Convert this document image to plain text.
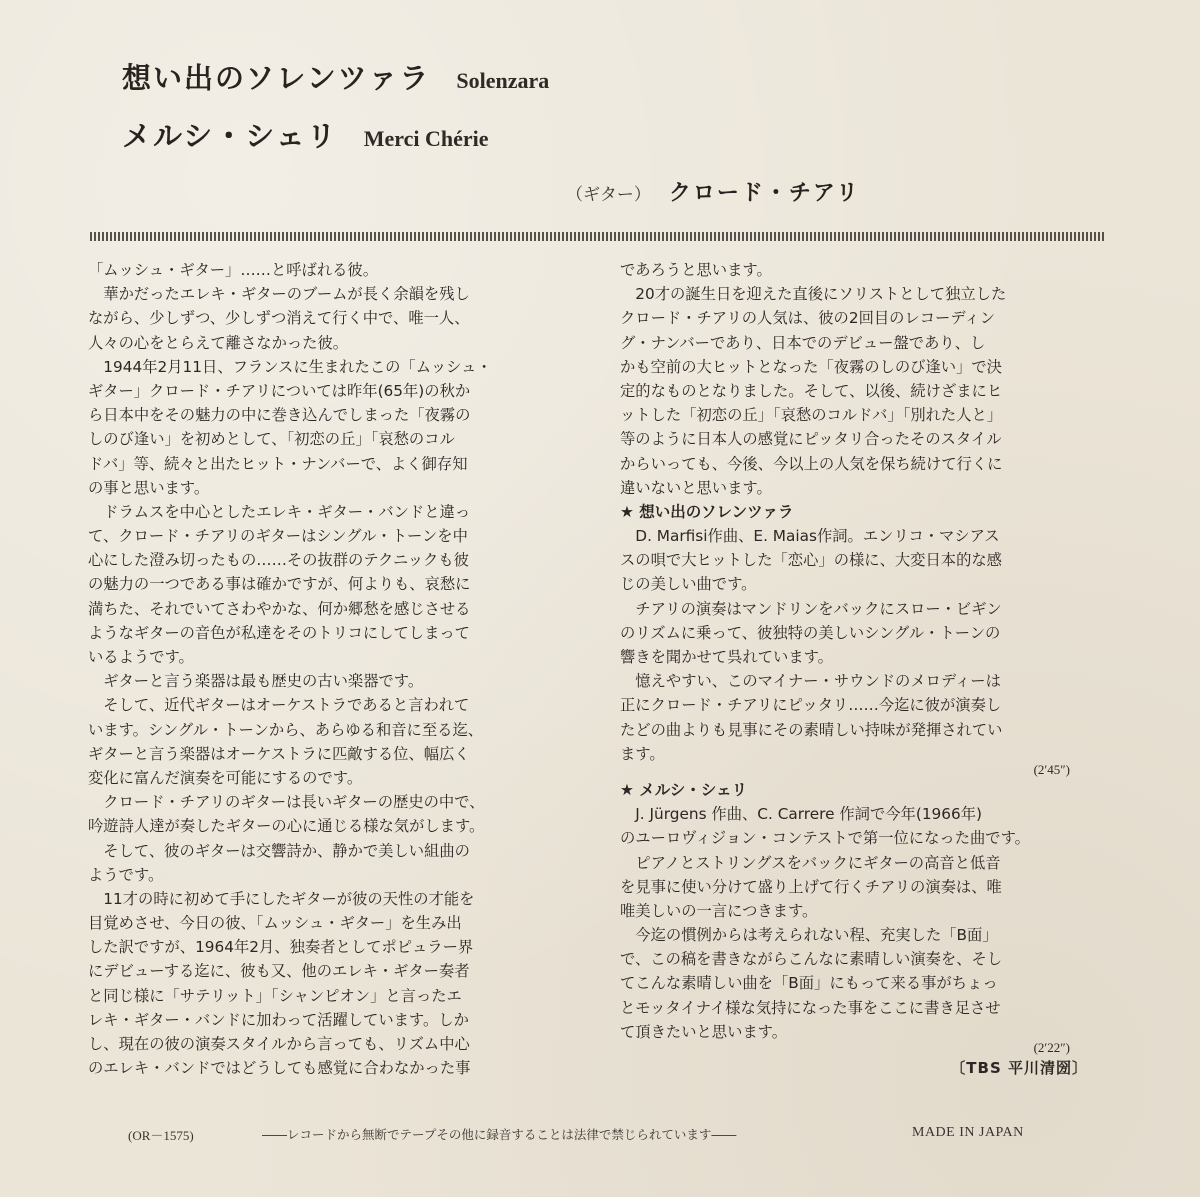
想い出のソレンツァラ Solenzara
メルシ・シェリ Merci Chérie
（ギター） クロード・チアリ
「ムッシュ・ギター」……と呼ばれる彼。
　華かだったエレキ・ギターのブームが長く余韻を残し
ながら、少しずつ、少しずつ消えて行く中で、唯一人、
人々の心をとらえて離さなかった彼。
　1944年2月11日、フランスに生まれたこの「ムッシュ・
ギター」クロード・チアリについては昨年(65年)の秋か
ら日本中をその魅力の中に巻き込んでしまった「夜霧の
しのび逢い」を初めとして、「初恋の丘」「哀愁のコル
ドバ」等、続々と出たヒット・ナンバーで、よく御存知
の事と思います。
　ドラムスを中心としたエレキ・ギター・バンドと違っ
て、クロード・チアリのギターはシングル・トーンを中
心にした澄み切ったもの……その抜群のテクニックも彼
の魅力の一つである事は確かですが、何よりも、哀愁に
満ちた、それでいてさわやかな、何か郷愁を感じさせる
ようなギターの音色が私達をそのトリコにしてしまって
いるようです。
　ギターと言う楽器は最も歴史の古い楽器です。
　そして、近代ギターはオーケストラであると言われて
います。シングル・トーンから、あらゆる和音に至る迄、
ギターと言う楽器はオーケストラに匹敵する位、幅広く
変化に富んだ演奏を可能にするのです。
　クロード・チアリのギターは長いギターの歴史の中で、
吟遊詩人達が奏したギターの心に通じる様な気がします。
　そして、彼のギターは交響詩か、静かで美しい組曲の
ようです。
　11才の時に初めて手にしたギターが彼の天性の才能を
目覚めさせ、今日の彼、「ムッシュ・ギター」を生み出
した訳ですが、1964年2月、独奏者としてポピュラー界
にデビューする迄に、彼も又、他のエレキ・ギター奏者
と同じ様に「サテリット」「シャンピオン」と言ったエ
レキ・ギター・バンドに加わって活躍しています。しか
し、現在の彼の演奏スタイルから言っても、リズム中心
のエレキ・バンドではどうしても感覚に合わなかった事
であろうと思います。
　20才の誕生日を迎えた直後にソリストとして独立した
クロード・チアリの人気は、彼の2回目のレコーディン
グ・ナンバーであり、日本でのデビュー盤であり、し
かも空前の大ヒットとなった「夜霧のしのび逢い」で決
定的なものとなりました。そして、以後、続けざまにヒ
ットした「初恋の丘」「哀愁のコルドバ」「別れた人と」
等のように日本人の感覚にピッタリ合ったそのスタイル
からいっても、今後、今以上の人気を保ち続けて行くに
違いないと思います。
★ 想い出のソレンツァラ
　D. Marfisi作曲、E. Maias作詞。エンリコ・マシアス
スの唄で大ヒットした「恋心」の様に、大変日本的な感
じの美しい曲です。
　チアリの演奏はマンドリンをバックにスロー・ビギン
のリズムに乗って、彼独特の美しいシングル・トーンの
響きを聞かせて呉れています。
　憶えやすい、このマイナー・サウンドのメロディーは
正にクロード・チアリにピッタリ……今迄に彼が演奏し
たどの曲よりも見事にその素晴しい持味が発揮されてい
ます。
(2′45″)
★ メルシ・シェリ
　J. Jürgens 作曲、C. Carrere 作詞で今年(1966年)
のユーロヴィジョン・コンテストで第一位になった曲です。
　ピアノとストリングスをバックにギターの高音と低音
を見事に使い分けて盛り上げて行くチアリの演奏は、唯
唯美しいの一言につきます。
　今迄の慣例からは考えられない程、充実した「B面」
で、この稿を書きながらこんなに素晴しい演奏を、そし
てこんな素晴しい曲を「B面」にもって来る事がちょっ
とモッタイナイ様な気持になった事をここに書き足させ
て頂きたいと思います。
(2′22″)
〔TBS 平川清圀〕
(OR－1575)	――レコードから無断でテープその他に録音することは法律で禁じられています――	MADE IN JAPAN
